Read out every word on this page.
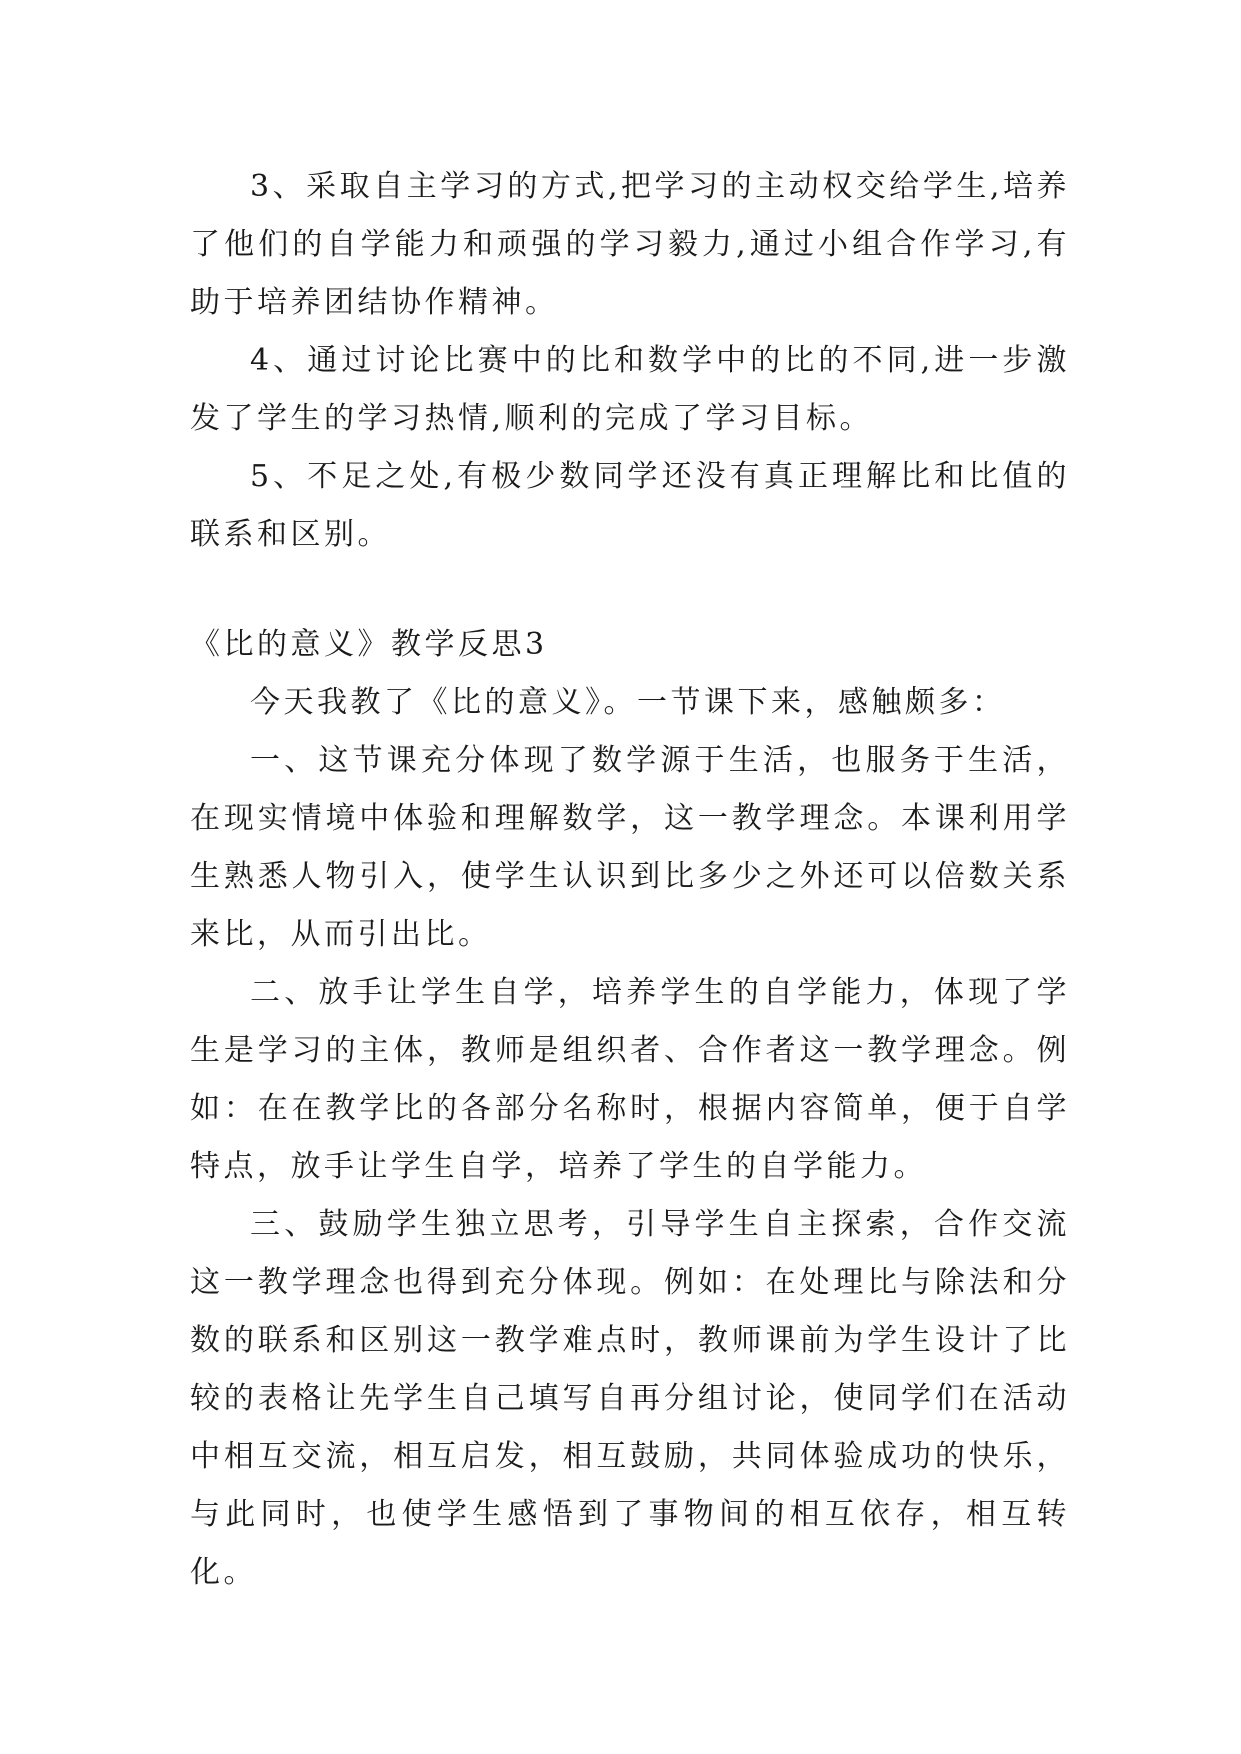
3、采取自主学习的方式,把学习的主动权交给学生,培养了他们的自学能力和顽强的学习毅力,通过小组合作学习,有助于培养团结协作精神。

4、通过讨论比赛中的比和数学中的比的不同,进一步激发了学生的学习热情,顺利的完成了学习目标。

5、不足之处,有极少数同学还没有真正理解比和比值的联系和区别。

《比的意义》教学反思3

今天我教了《比的意义》。一节课下来，感触颇多：

一、这节课充分体现了数学源于生活，也服务于生活，在现实情境中体验和理解数学，这一教学理念。本课利用学生熟悉人物引入，使学生认识到比多少之外还可以倍数关系来比，从而引出比。

二、放手让学生自学，培养学生的自学能力，体现了学生是学习的主体，教师是组织者、合作者这一教学理念。例如：在在教学比的各部分名称时，根据内容简单，便于自学特点，放手让学生自学，培养了学生的自学能力。

三、鼓励学生独立思考，引导学生自主探索，合作交流这一教学理念也得到充分体现。例如：在处理比与除法和分数的联系和区别这一教学难点时，教师课前为学生设计了比较的表格让先学生自己填写自再分组讨论，使同学们在活动中相互交流，相互启发，相互鼓励，共同体验成功的快乐，与此同时，也使学生感悟到了事物间的相互依存，相互转化。
